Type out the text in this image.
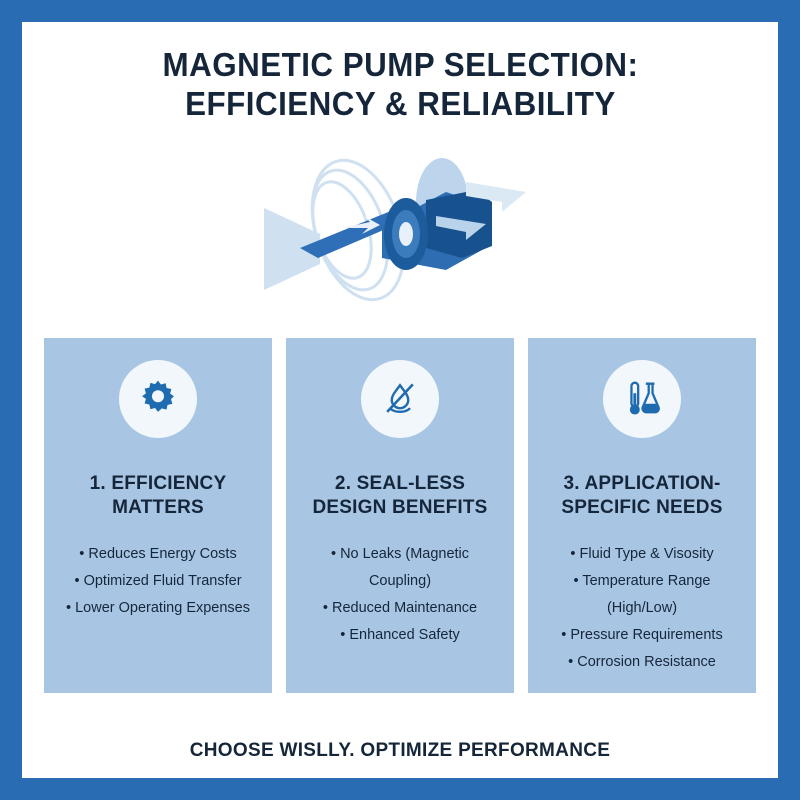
MAGNETIC PUMP SELECTION:
EFFICIENCY & RELIABILITY
1. EFFICIENCY MATTERS
• Reduces Energy Costs
• Optimized Fluid Transfer
• Lower Operating Expenses
2. SEAL-LESS DESIGN BENEFITS
• No Leaks (Magnetic Coupling)
• Reduced Maintenance
• Enhanced Safety
3. APPLICATION-SPECIFIC NEEDS
• Fluid Type & Visosity
• Temperature Range (High/Low)
• Pressure Requirements
• Corrosion Resistance
CHOOSE WISLLY. OPTIMIZE PERFORMANCE
